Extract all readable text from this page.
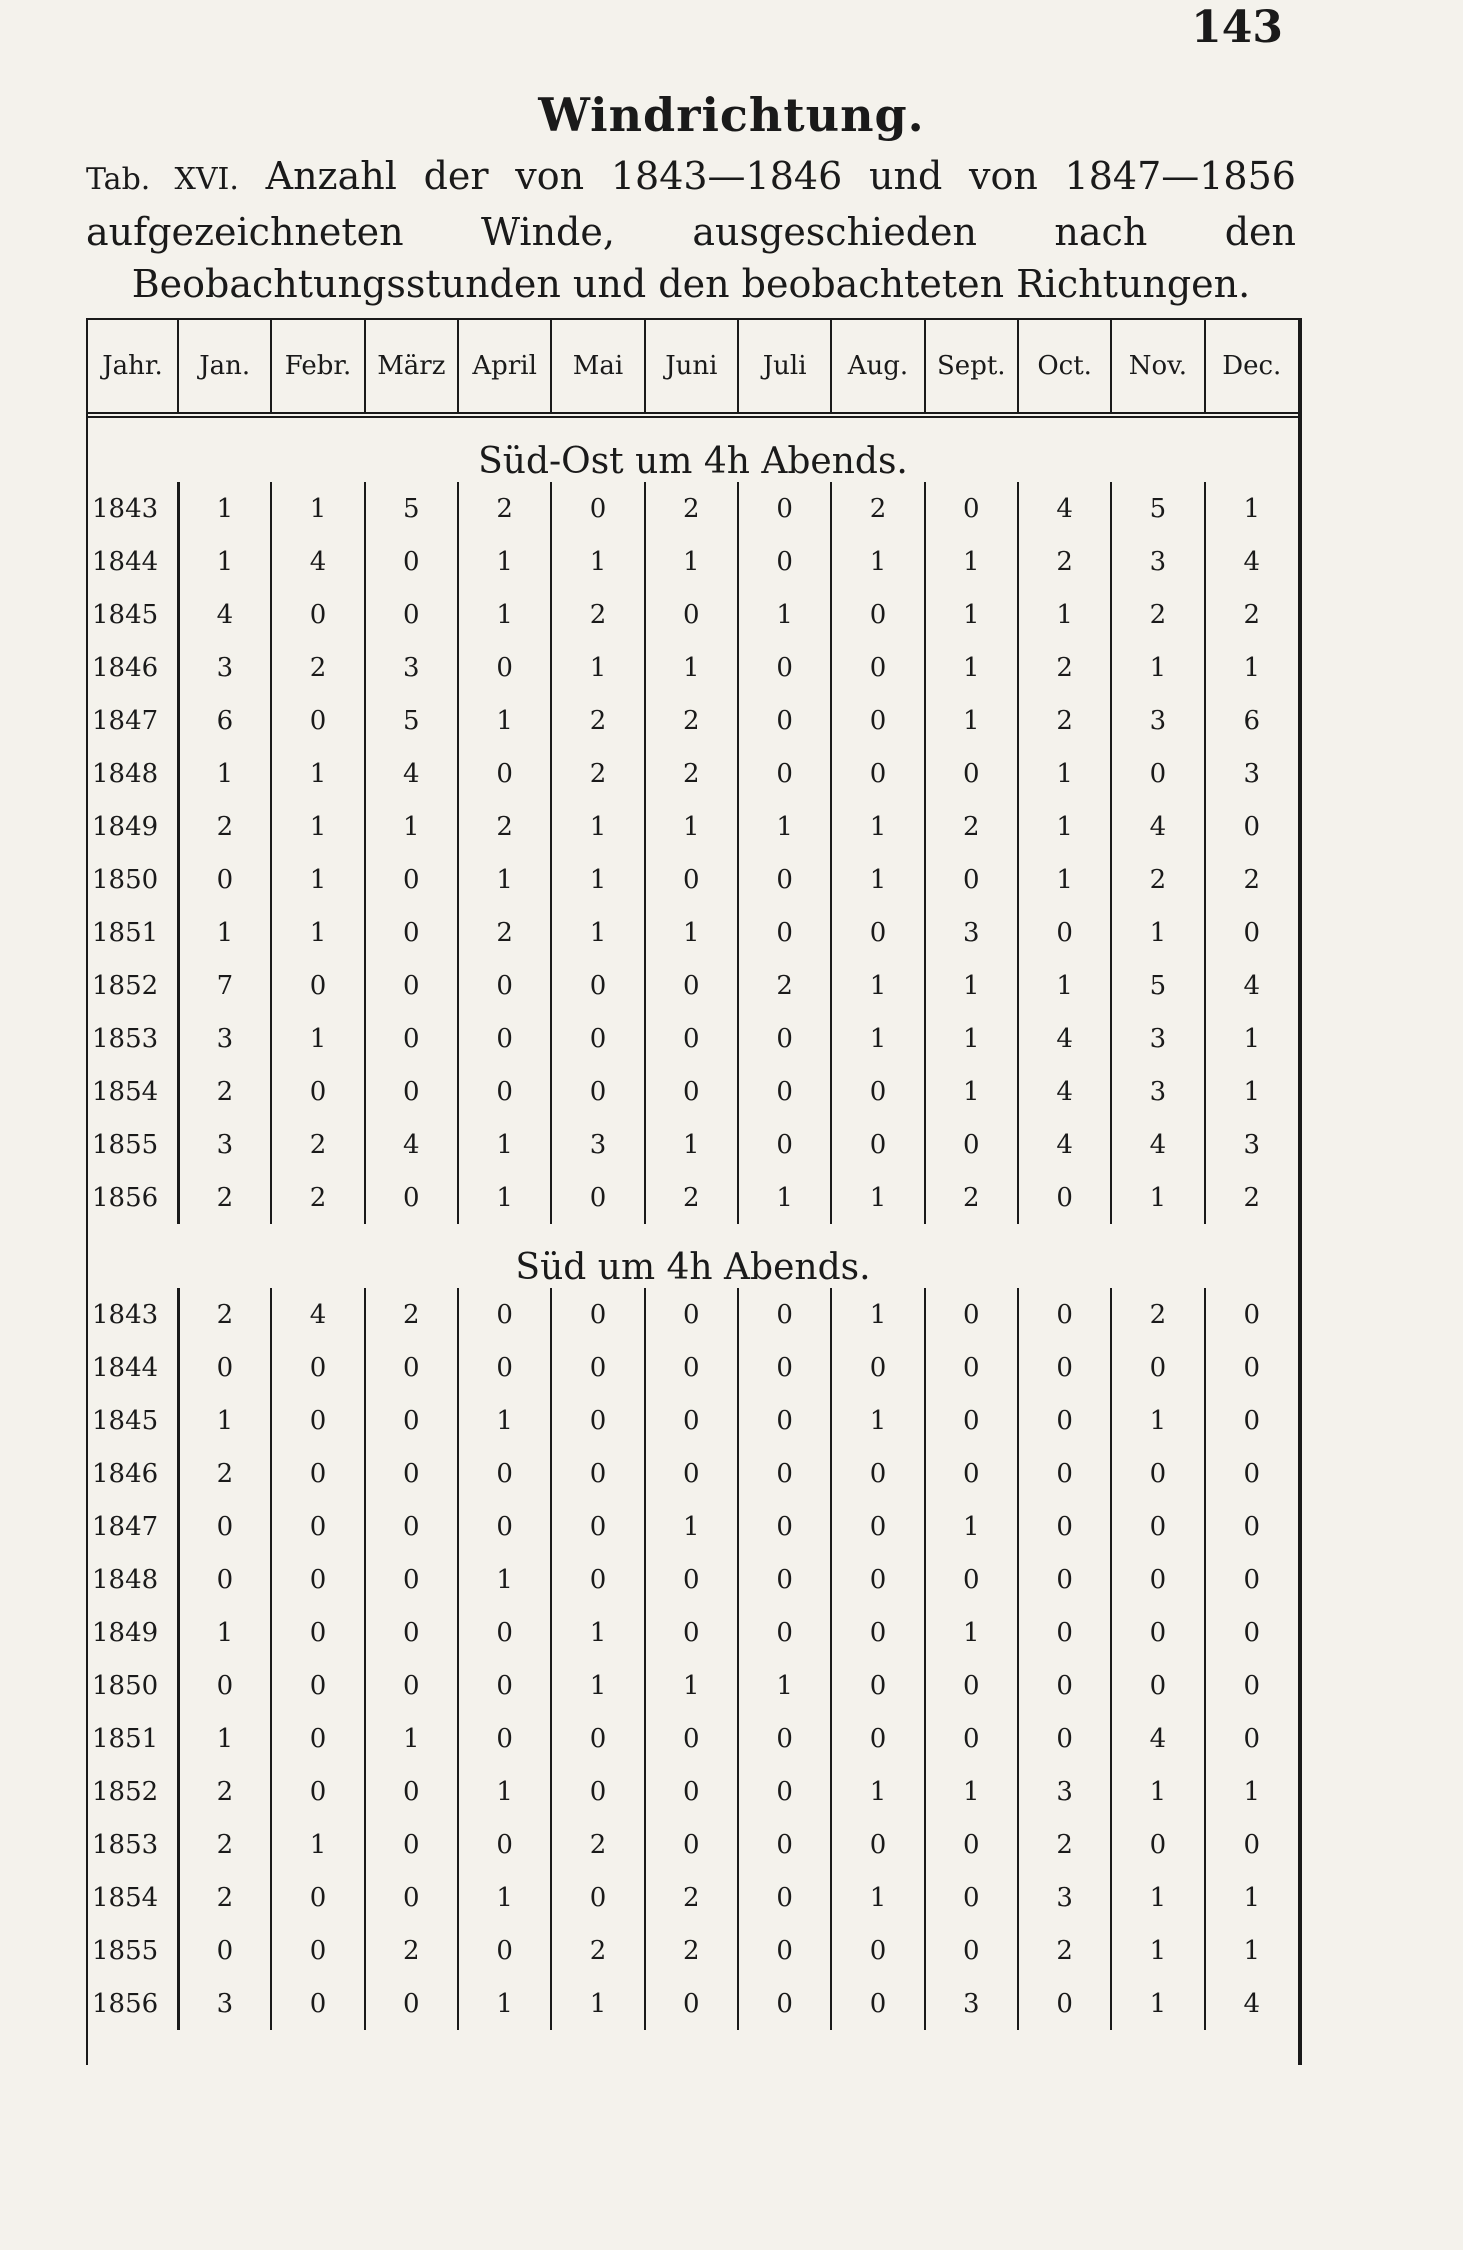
143
Windrichtung.
Tab. XVI. Anzahl der von 1843—1846 und von 1847—1856 aufgezeichneten Winde, ausgeschieden nach den Beobachtungsstunden und den beobachteten Richtungen.
Jahr.	Jan.	Febr.	März	April	Mai	Juni	Juli	Aug.	Sept.	Oct.	Nov.	Dec.
Süd-Ost um 4h Abends.												
1843	1	1	5	2	0	2	0	2	0	4	5	1
1844	1	4	0	1	1	1	0	1	1	2	3	4
1845	4	0	0	1	2	0	1	0	1	1	2	2
1846	3	2	3	0	1	1	0	0	1	2	1	1
1847	6	0	5	1	2	2	0	0	1	2	3	6
1848	1	1	4	0	2	2	0	0	0	1	0	3
1849	2	1	1	2	1	1	1	1	2	1	4	0
1850	0	1	0	1	1	0	0	1	0	1	2	2
1851	1	1	0	2	1	1	0	0	3	0	1	0
1852	7	0	0	0	0	0	2	1	1	1	5	4
1853	3	1	0	0	0	0	0	1	1	4	3	1
1854	2	0	0	0	0	0	0	0	1	4	3	1
1855	3	2	4	1	3	1	0	0	0	4	4	3
1856	2	2	0	1	0	2	1	1	2	0	1	2
Süd um 4h Abends.												
1843	2	4	2	0	0	0	0	1	0	0	2	0
1844	0	0	0	0	0	0	0	0	0	0	0	0
1845	1	0	0	1	0	0	0	1	0	0	1	0
1846	2	0	0	0	0	0	0	0	0	0	0	0
1847	0	0	0	0	0	1	0	0	1	0	0	0
1848	0	0	0	1	0	0	0	0	0	0	0	0
1849	1	0	0	0	1	0	0	0	1	0	0	0
1850	0	0	0	0	1	1	1	0	0	0	0	0
1851	1	0	1	0	0	0	0	0	0	0	4	0
1852	2	0	0	1	0	0	0	1	1	3	1	1
1853	2	1	0	0	2	0	0	0	0	2	0	0
1854	2	0	0	1	0	2	0	1	0	3	1	1
1855	0	0	2	0	2	2	0	0	0	2	1	1
1856	3	0	0	1	1	0	0	0	3	0	1	4
